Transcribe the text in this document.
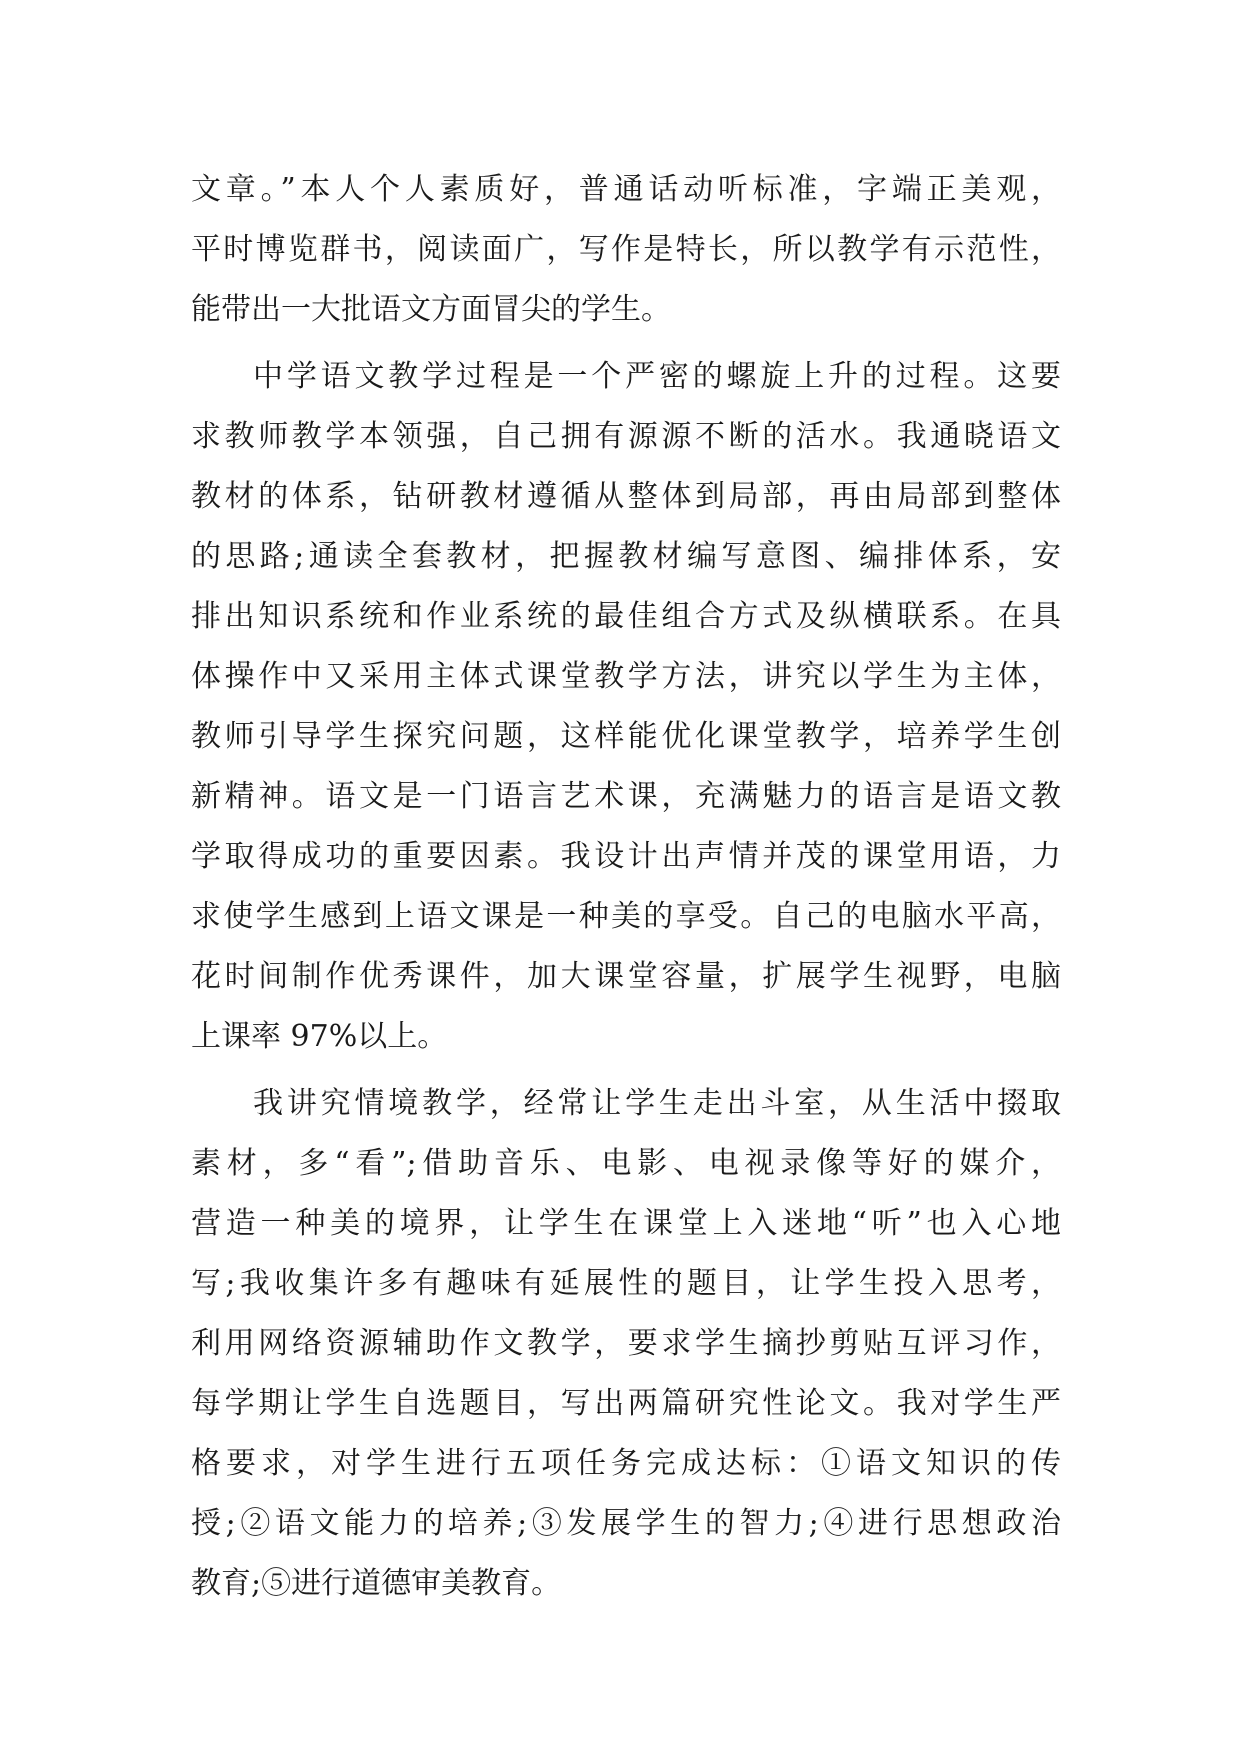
文章。”本人个人素质好，普通话动听标准，字端正美观，
平时博览群书，阅读面广，写作是特长，所以教学有示范性，
能带出一大批语文方面冒尖的学生。
中学语文教学过程是一个严密的螺旋上升的过程。这要
求教师教学本领强，自己拥有源源不断的活水。我通晓语文
教材的体系，钻研教材遵循从整体到局部，再由局部到整体
的思路;通读全套教材，把握教材编写意图、编排体系，安
排出知识系统和作业系统的最佳组合方式及纵横联系。在具
体操作中又采用主体式课堂教学方法，讲究以学生为主体，
教师引导学生探究问题，这样能优化课堂教学，培养学生创
新精神。语文是一门语言艺术课，充满魅力的语言是语文教
学取得成功的重要因素。我设计出声情并茂的课堂用语，力
求使学生感到上语文课是一种美的享受。自己的电脑水平高，
花时间制作优秀课件，加大课堂容量，扩展学生视野，电脑
上课率 97%以上。
我讲究情境教学，经常让学生走出斗室，从生活中掇取
素材，多“看”;借助音乐、电影、电视录像等好的媒介，
营造一种美的境界，让学生在课堂上入迷地“听”也入心地
写;我收集许多有趣味有延展性的题目，让学生投入思考，
利用网络资源辅助作文教学，要求学生摘抄剪贴互评习作，
每学期让学生自选题目，写出两篇研究性论文。我对学生严
格要求，对学生进行五项任务完成达标：①语文知识的传
授;②语文能力的培养;③发展学生的智力;④进行思想政治
教育;⑤进行道德审美教育。
